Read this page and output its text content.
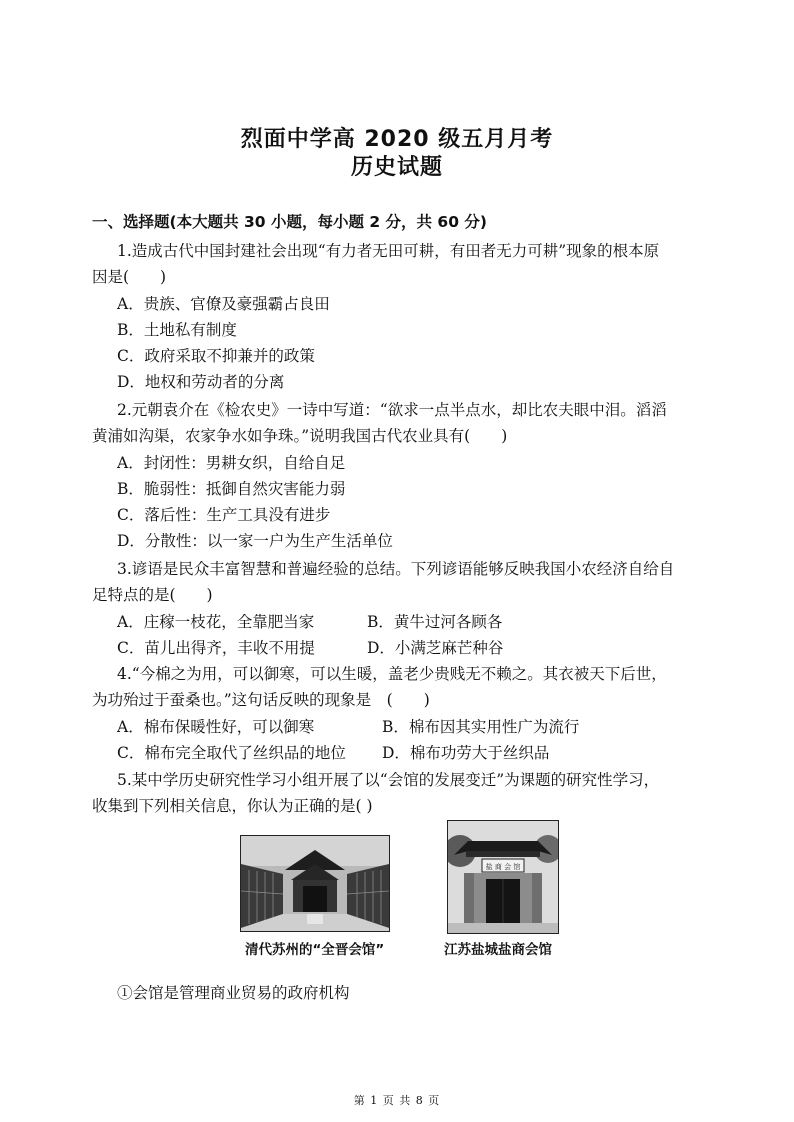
烈面中学高 2020 级五月月考
历史试题
一、选择题(本大题共 30 小题，每小题 2 分，共 60 分)
1.造成古代中国封建社会出现“有力者无田可耕，有田者无力可耕”现象的根本原
因是(　　)
A．贵族、官僚及豪强霸占良田
B．土地私有制度
C．政府采取不抑兼并的政策
D．地权和劳动者的分离
2.元朝袁介在《检农史》一诗中写道：“欲求一点半点水，却比农夫眼中泪。滔滔
黄浦如沟渠，农家争水如争珠。”说明我国古代农业具有(　　)
A．封闭性：男耕女织，自给自足
B．脆弱性：抵御自然灾害能力弱
C．落后性：生产工具没有进步
D．分散性：以一家一户为生产生活单位
3.谚语是民众丰富智慧和普遍经验的总结。下列谚语能够反映我国小农经济自给自
足特点的是(　　)
A．庄稼一枝花，全靠肥当家	B．黄牛过河各顾各
C．苗儿出得齐，丰收不用提	D．小满芝麻芒种谷
4.“今棉之为用，可以御寒，可以生暖，盖老少贵贱无不赖之。其衣被天下后世，
为功殆过于蚕桑也。”这句话反映的现象是　(　　)
A．棉布保暖性好，可以御寒	B．棉布因其实用性广为流行
C．棉布完全取代了丝织品的地位 D．棉布功劳大于丝织品
5.某中学历史研究性学习小组开展了以“会馆的发展变迁”为课题的研究性学习，
收集到下列相关信息，你认为正确的是( )
清代苏州的“全晋会馆”
盐 商 会 馆
江苏盐城盐商会馆
①会馆是管理商业贸易的政府机构
第 1 页 共 8 页
